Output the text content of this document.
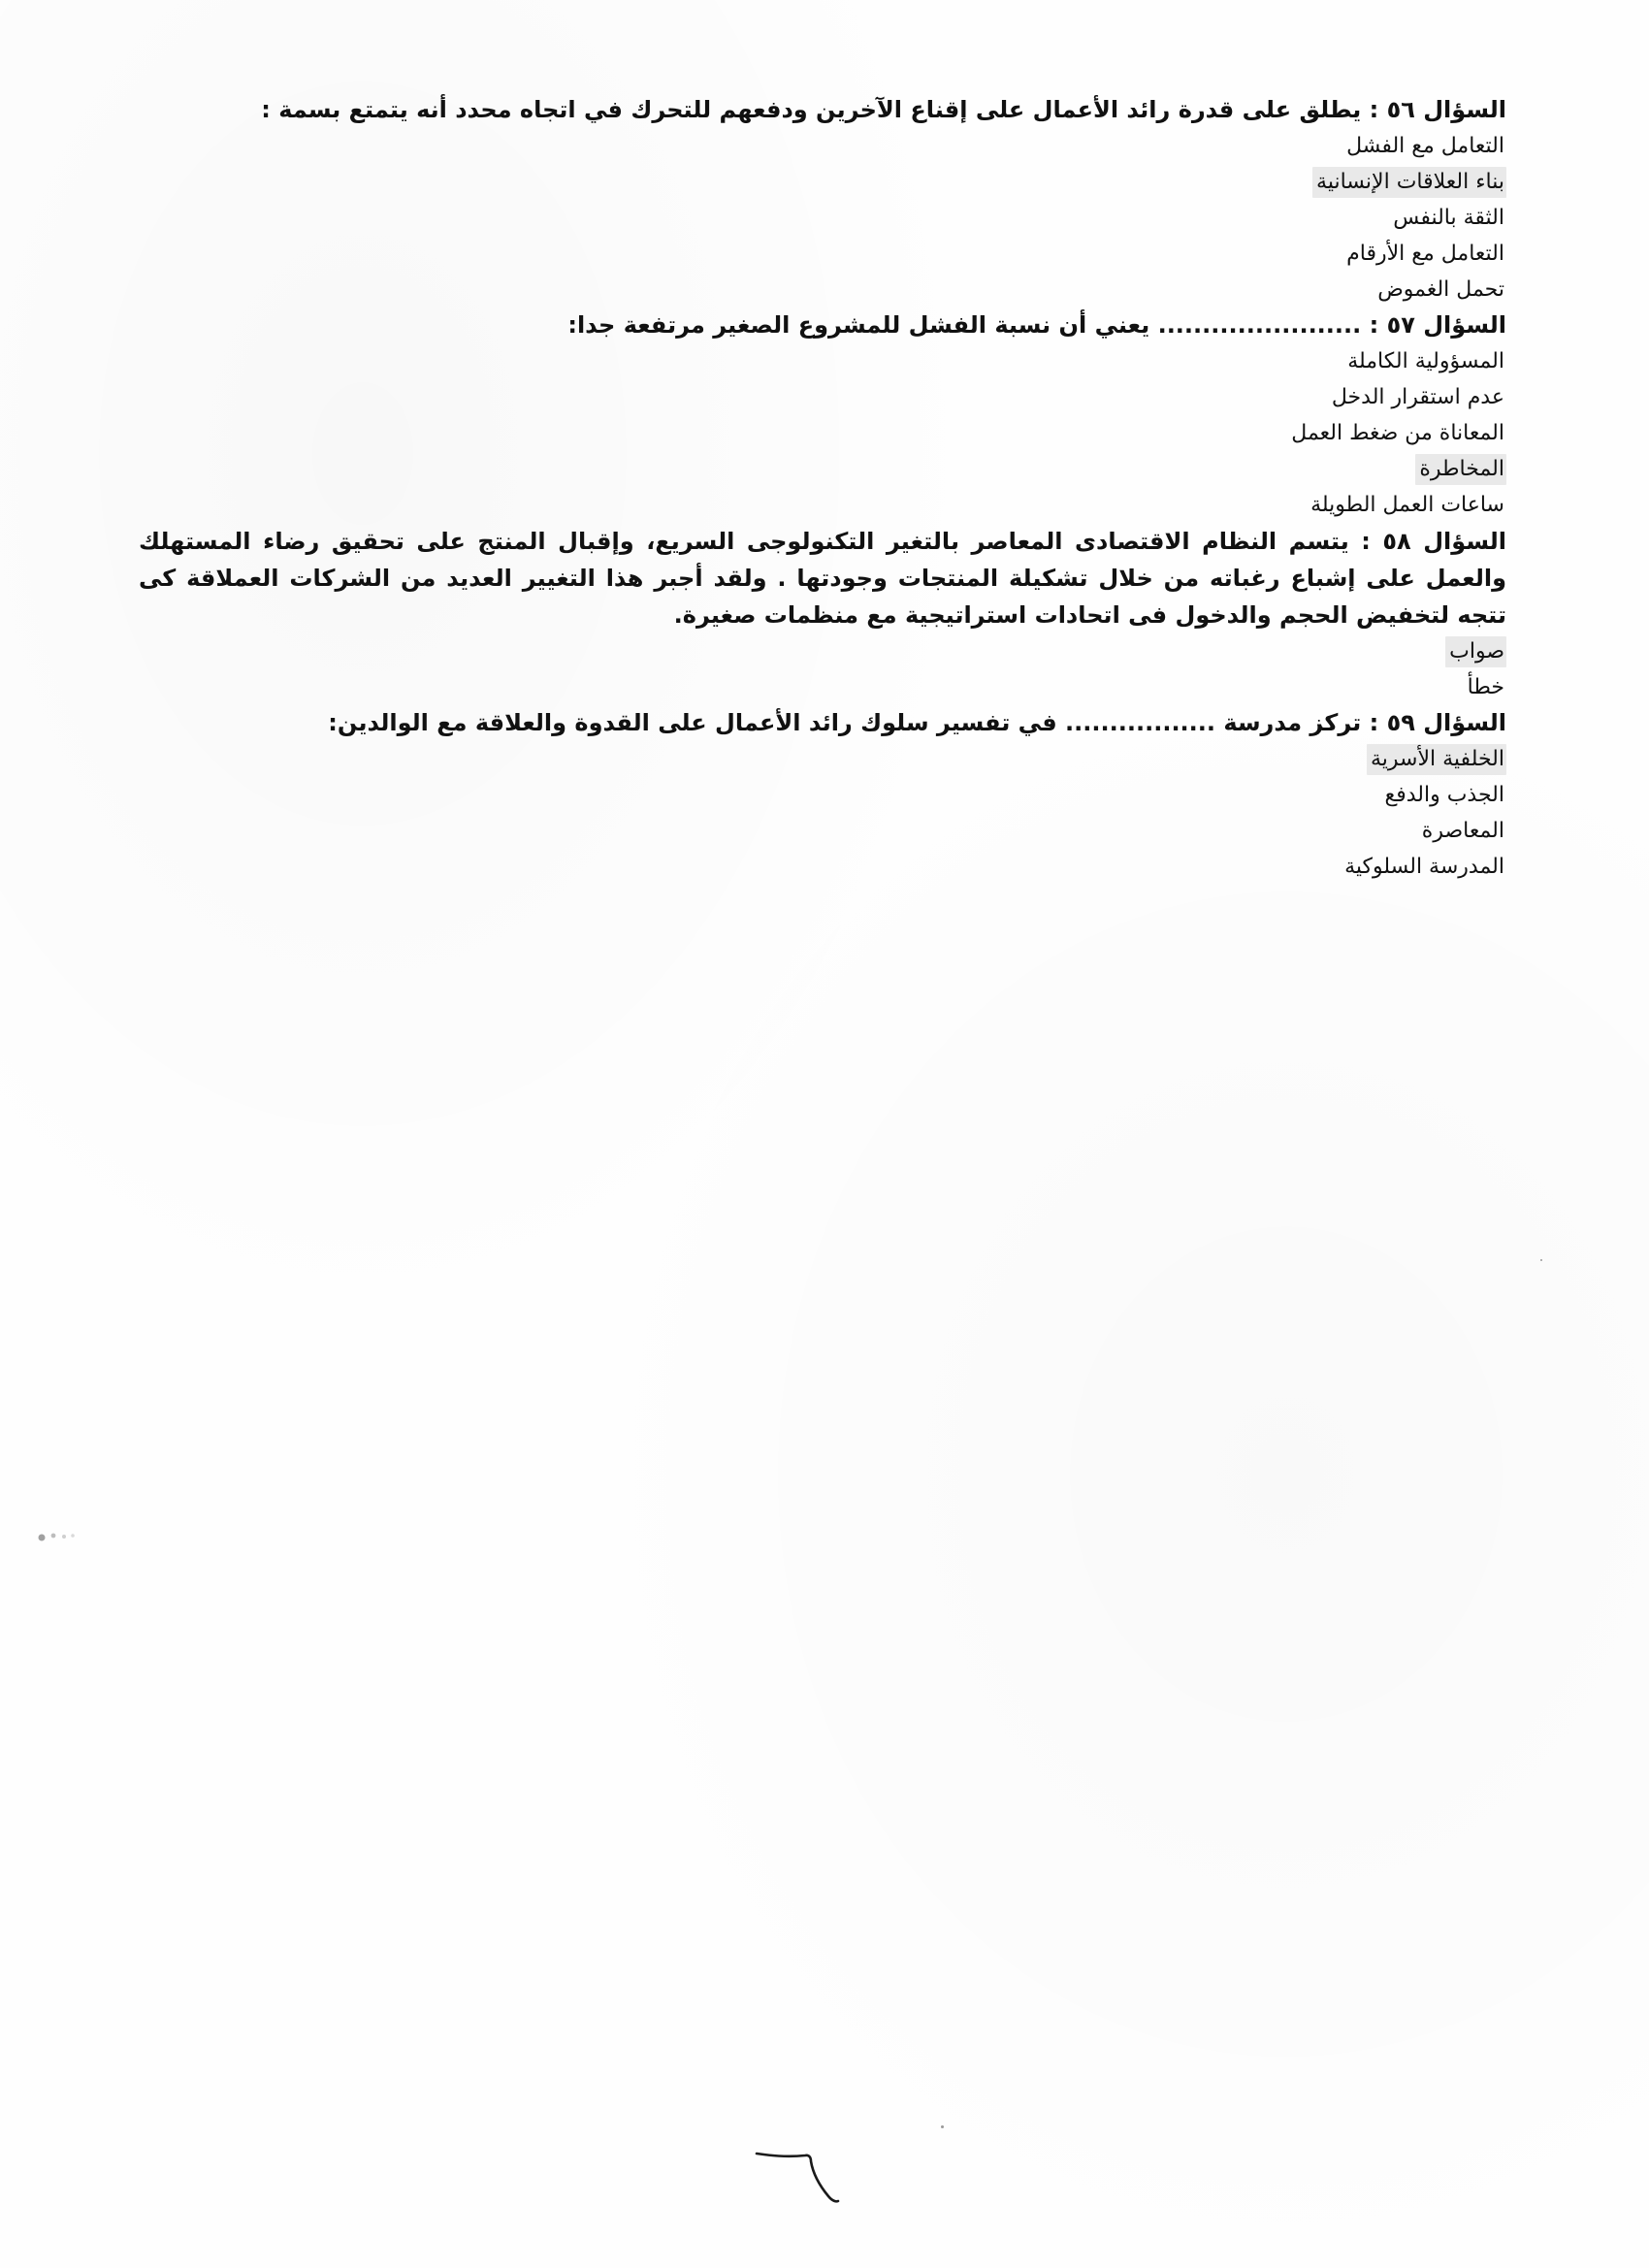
السؤال ٥٦ : يطلق على قدرة رائد الأعمال على إقناع الآخرين ودفعهم للتحرك في اتجاه محدد أنه يتمتع بسمة :
التعامل مع الفشل
بناء العلاقات الإنسانية
الثقة بالنفس
التعامل مع الأرقام
تحمل الغموض
السؤال ٥٧ : ....................... يعني أن نسبة الفشل للمشروع الصغير مرتفعة جدا:
المسؤولية الكاملة
عدم استقرار الدخل
المعاناة من ضغط العمل
المخاطرة
ساعات العمل الطويلة
السؤال ٥٨ : يتسم النظام الاقتصادى المعاصر بالتغير التكنولوجى السريع، وإقبال المنتج على تحقيق رضاء المستهلك والعمل على إشباع رغباته من خلال تشكيلة المنتجات وجودتها . ولقد أجبر هذا التغيير العديد من الشركات العملاقة كى تتجه لتخفيض الحجم والدخول فى اتحادات استراتيجية مع منظمات صغيرة.
صواب
خطأ
السؤال ٥٩ : تركز مدرسة ................. في تفسير سلوك رائد الأعمال على القدوة والعلاقة مع الوالدين:
الخلفية الأسرية
الجذب والدفع
المعاصرة
المدرسة السلوكية
